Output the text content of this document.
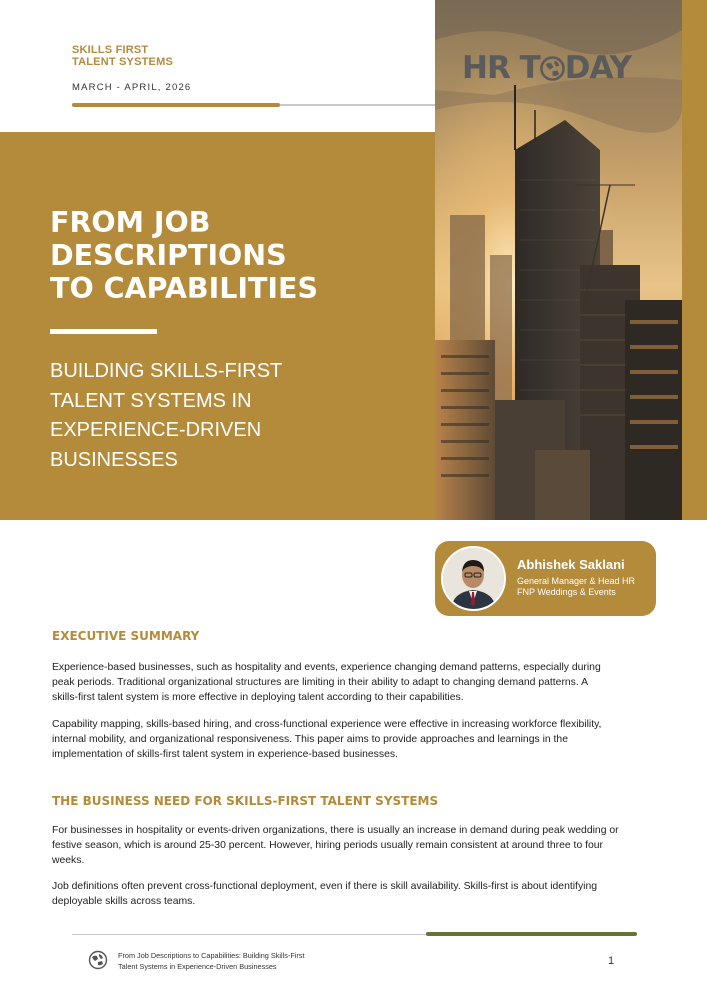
SKILLS FIRST
TALENT SYSTEMS
MARCH - APRIL, 2026
HR T DAY
FROM JOB
DESCRIPTIONS
TO CAPABILITIES
BUILDING SKILLS-FIRST
TALENT SYSTEMS IN
EXPERIENCE-DRIVEN
BUSINESSES
Abhishek Saklani
General Manager & Head HR
FNP Weddings & Events
EXECUTIVE SUMMARY
Experience-based businesses, such as hospitality and events, experience changing demand patterns, especially during
peak periods. Traditional organizational structures are limiting in their ability to adapt to changing demand patterns. A
skills-first talent system is more effective in deploying talent according to their capabilities.
Capability mapping, skills-based hiring, and cross-functional experience were effective in increasing workforce flexibility,
internal mobility, and organizational responsiveness. This paper aims to provide approaches and learnings in the
implementation of skills-first talent system in experience-based businesses.
THE BUSINESS NEED FOR SKILLS-FIRST TALENT SYSTEMS
For businesses in hospitality or events-driven organizations, there is usually an increase in demand during peak wedding or
festive season, which is around 25-30 percent. However, hiring periods usually remain consistent at around three to four
weeks.
Job definitions often prevent cross-functional deployment, even if there is skill availability. Skills-first is about identifying
deployable skills across teams.
From Job Descriptions to Capabilities: Building Skills-First
Talent Systems in Experience-Driven Businesses	1
